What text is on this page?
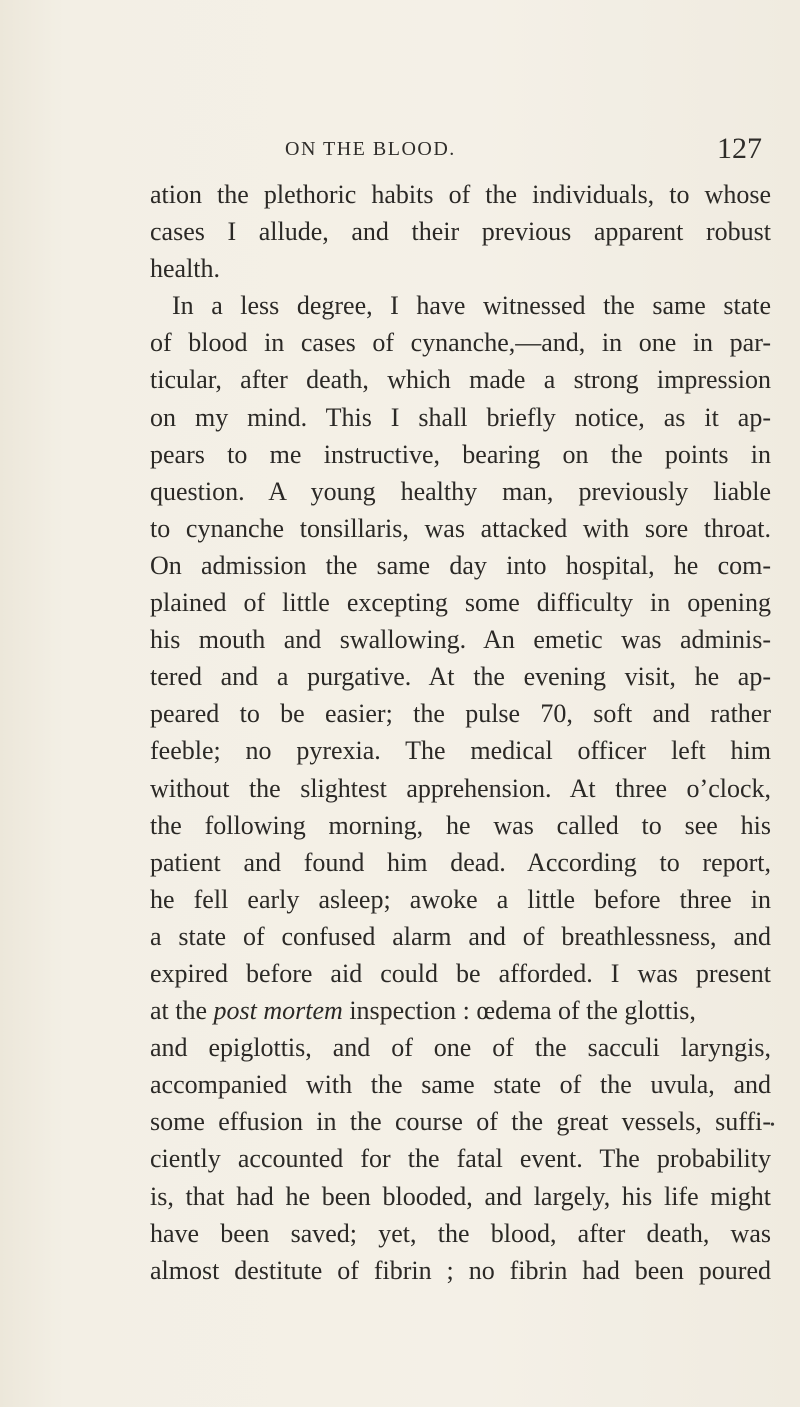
ON THE BLOOD.	127
ation the plethoric habits of the individuals, to whose
cases I allude, and their previous apparent robust
health.
In a less degree, I have witnessed the same state
of blood in cases of cynanche,—and, in one in par-
ticular, after death, which made a strong impression
on my mind. This I shall briefly notice, as it ap-
pears to me instructive, bearing on the points in
question. A young healthy man, previously liable
to cynanche tonsillaris, was attacked with sore throat.
On admission the same day into hospital, he com-
plained of little excepting some difficulty in opening
his mouth and swallowing. An emetic was adminis-
tered and a purgative. At the evening visit, he ap-
peared to be easier; the pulse 70, soft and rather
feeble; no pyrexia. The medical officer left him
without the slightest apprehension. At three o’clock,
the following morning, he was called to see his
patient and found him dead. According to report,
he fell early asleep; awoke a little before three in
a state of confused alarm and of breathlessness, and
expired before aid could be afforded. I was present
at the post mortem inspection : œdema of the glottis,
and epiglottis, and of one of the sacculi laryngis,
accompanied with the same state of the uvula, and
some effusion in the course of the great vessels, suffi-
ciently accounted for the fatal event. The probability
is, that had he been blooded, and largely, his life might
have been saved; yet, the blood, after death, was
almost destitute of fibrin ; no fibrin had been poured
•
